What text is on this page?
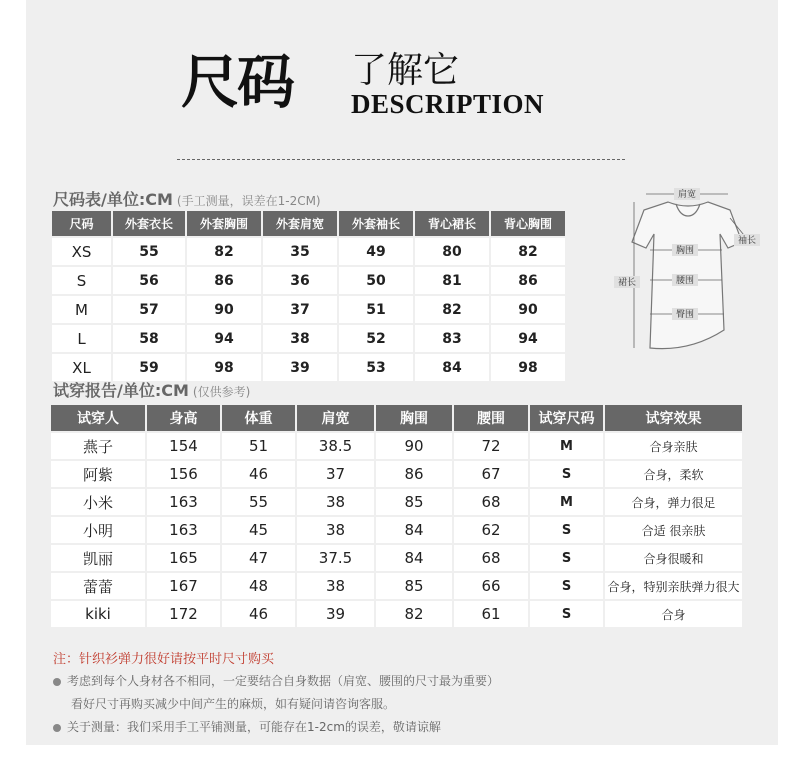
尺码 了解它
DESCRIPTION
尺码表/单位:CM (手工测量，误差在1-2CM)
尺码	外套衣长	外套胸围	外套肩宽	外套袖长	背心裙长	背心胸围
XS	55	82	35	49	80	82
S	56	86	36	50	81	86
M	57	90	37	51	82	90
L	58	94	38	52	83	94
XL	59	98	39	53	84	98
肩宽
袖长
胸围
裙长	腰围
臀围
试穿报告/单位:CM (仅供参考)
试穿人	身高	体重	肩宽	胸围	腰围	试穿尺码	试穿效果
燕子	154	51	38.5	90	72	M	合身亲肤
阿紫	156	46	37	86	67	S	合身，柔软
小米	163	55	38	85	68	M	合身，弹力很足
小明	163	45	38	84	62	S	合适 很亲肤
凯丽	165	47	37.5	84	68	S	合身很暖和
蕾蕾	167	48	38	85	66	S	合身，特别亲肤弹力很大
kiki	172	46	39	82	61	S	合身
注：针织衫弹力很好请按平时尺寸购买
考虑到每个人身材各不相同，一定要结合自身数据（肩宽、腰围的尺寸最为重要）
看好尺寸再购买减少中间产生的麻烦，如有疑问请咨询客服。
关于测量：我们采用手工平铺测量，可能存在1-2cm的误差，敬请谅解
